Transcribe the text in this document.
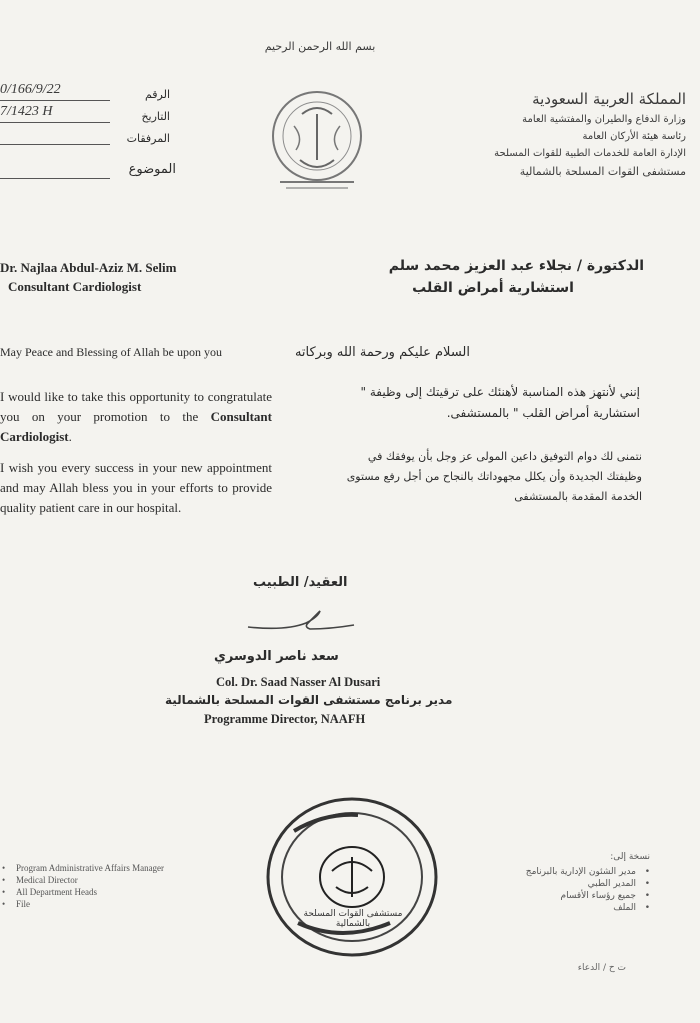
بسم الله الرحمن الرحيم
0/166/9/22	الرقم
7/1423 H	التاريخ
المرفقات
الموضوع
المملكة العربية السعودية
وزارة الدفاع والطيران والمفتشية العامة
رئاسة هيئة الأركان العامة
الإدارة العامة للخدمات الطبية للقوات المسلحة
مستشفى القوات المسلحة بالشمالية
Dr. Najlaa Abdul-Aziz M. Selim
Consultant Cardiologist
الدكتورة / نجلاء عبد العزيز محمد سلم
استشارية أمراض القلب
May Peace and Blessing of Allah be upon you	السلام عليكم ورحمة الله وبركاته
I would like to take this opportunity to congratulate you on your promotion to the Consultant Cardiologist.
إنني لأنتهز هذه المناسبة لأهنئك على ترقيتك إلى وظيفة " استشارية أمراض القلب " بالمستشفى.
I wish you every success in your new appointment and may Allah bless you in your efforts to provide quality patient care in our hospital.
نتمنى لك دوام التوفيق داعين المولى عز وجل بأن يوفقك في وظيفتك الجديدة وأن يكلل مجهوداتك بالنجاح من أجل رفع مستوى الخدمة المقدمة بالمستشفى
العقيد/ الطبيب
سعد ناصر الدوسري
Col. Dr. Saad Nasser Al Dusari
مدير برنامج مستشفى القوات المسلحة بالشمالية
Programme Director, NAAFH
مستشفى القوات المسلحة بالشمالية
• Program Administrative Affairs Manager
• Medical Director
• All Department Heads
• File
نسخة إلى:
• مدير الشئون الإدارية بالبرنامج
• المدير الطبي
• جميع رؤساء الأقسام
• الملف
ت ح / الدعاء
